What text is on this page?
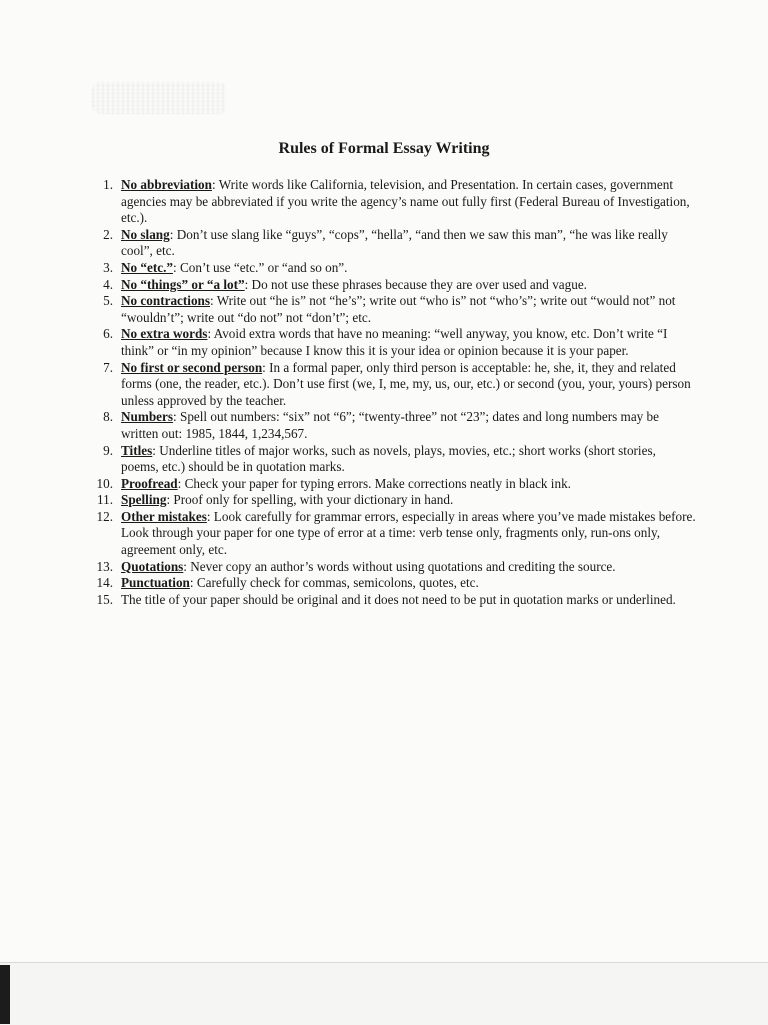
Rules of Formal Essay Writing
1. No abbreviation: Write words like California, television, and Presentation. In certain cases, government agencies may be abbreviated if you write the agency’s name out fully first (Federal Bureau of Investigation, etc.).
2. No slang: Don’t use slang like “guys”, “cops”, “hella”, “and then we saw this man”, “he was like really cool”, etc.
3. No “etc.”: Con’t use “etc.” or “and so on”.
4. No “things” or “a lot”: Do not use these phrases because they are over used and vague.
5. No contractions: Write out “he is” not “he’s”; write out “who is” not “who’s”; write out “would not” not “wouldn’t”; write out “do not” not “don’t”; etc.
6. No extra words: Avoid extra words that have no meaning: “well anyway, you know, etc. Don’t write “I think” or “in my opinion” because I know this it is your idea or opinion because it is your paper.
7. No first or second person: In a formal paper, only third person is acceptable: he, she, it, they and related forms (one, the reader, etc.). Don’t use first (we, I, me, my, us, our, etc.) or second (you, your, yours) person unless approved by the teacher.
8. Numbers: Spell out numbers: “six” not “6”; “twenty-three” not “23”; dates and long numbers may be written out: 1985, 1844, 1,234,567.
9. Titles: Underline titles of major works, such as novels, plays, movies, etc.; short works (short stories, poems, etc.) should be in quotation marks.
10. Proofread: Check your paper for typing errors. Make corrections neatly in black ink.
11. Spelling: Proof only for spelling, with your dictionary in hand.
12. Other mistakes: Look carefully for grammar errors, especially in areas where you’ve made mistakes before. Look through your paper for one type of error at a time: verb tense only, fragments only, run-ons only, agreement only, etc.
13. Quotations: Never copy an author’s words without using quotations and crediting the source.
14. Punctuation: Carefully check for commas, semicolons, quotes, etc.
15. The title of your paper should be original and it does not need to be put in quotation marks or underlined.
